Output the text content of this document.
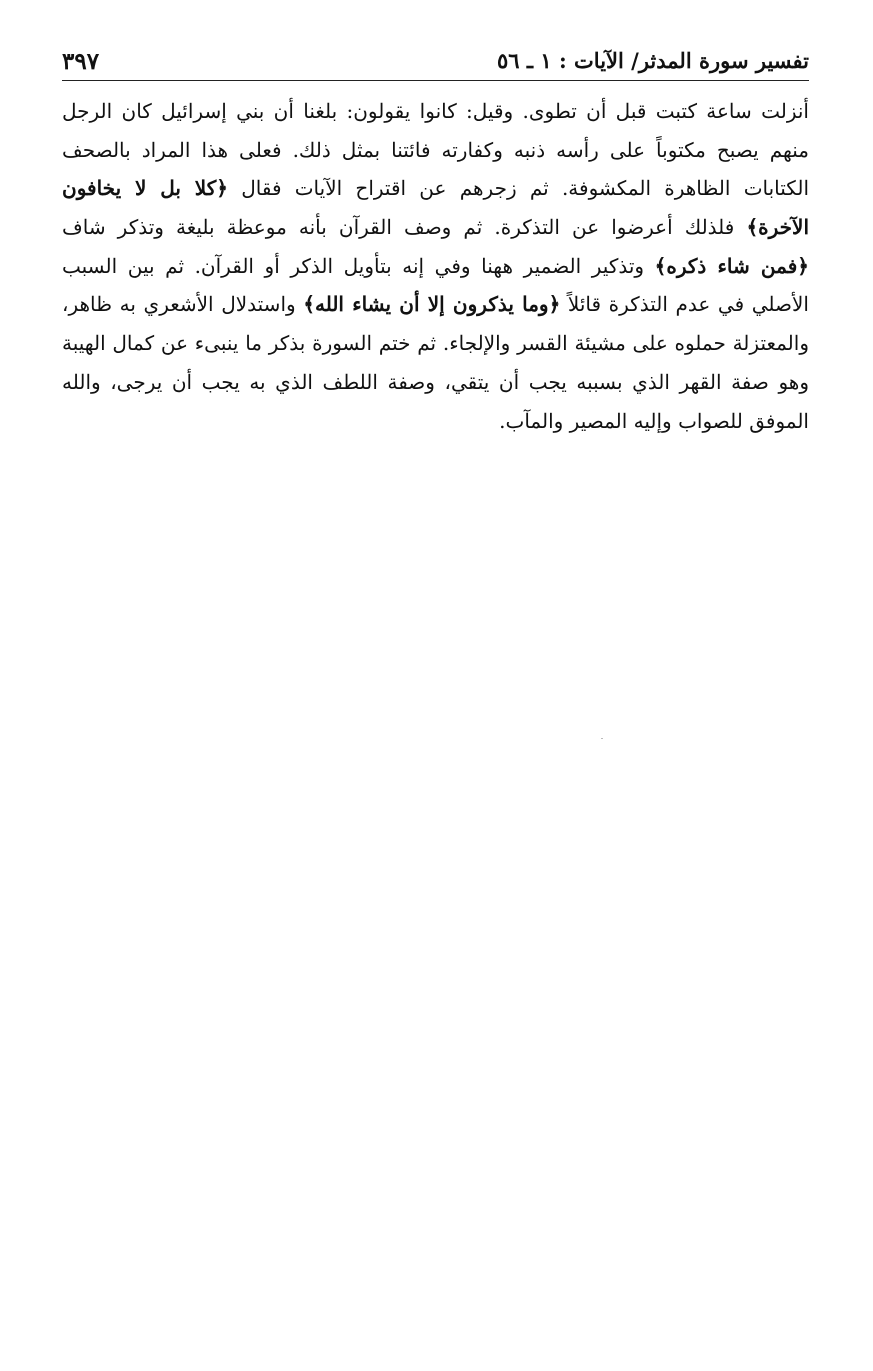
٣٩٧	تفسير سورة المدثر/ الآيات : ١ ـ ٥٦
أنزلت ساعة كتبت قبل أن تطوى. وقيل: كانوا يقولون: بلغنا أن بني إسرائيل كان الرجل
منهم يصبح مكتوباً على رأسه ذنبه وكفارته فائتنا بمثل ذلك. فعلى هذا المراد بالصحف
الكتابات الظاهرة المكشوفة. ثم زجرهم عن اقتراح الآيات فقال ﴿كلا بل لا يخافون
الآخرة﴾ فلذلك أعرضوا عن التذكرة. ثم وصف القرآن بأنه موعظة بليغة وتذكر شاف
﴿فمن شاء ذكره﴾ وتذكير الضمير ههنا وفي إنه بتأويل الذكر أو القرآن. ثم بين السبب
الأصلي في عدم التذكرة قائلاً ﴿وما يذكرون إلا أن يشاء الله﴾ واستدلال الأشعري به ظاهر،
والمعتزلة حملوه على مشيئة القسر والإلجاء. ثم ختم السورة بذكر ما ينبىء عن كمال الهيبة
وهو صفة القهر الذي بسببه يجب أن يتقي، وصفة اللطف الذي به يجب أن يرجى، والله
الموفق للصواب وإليه المصير والمآب.
